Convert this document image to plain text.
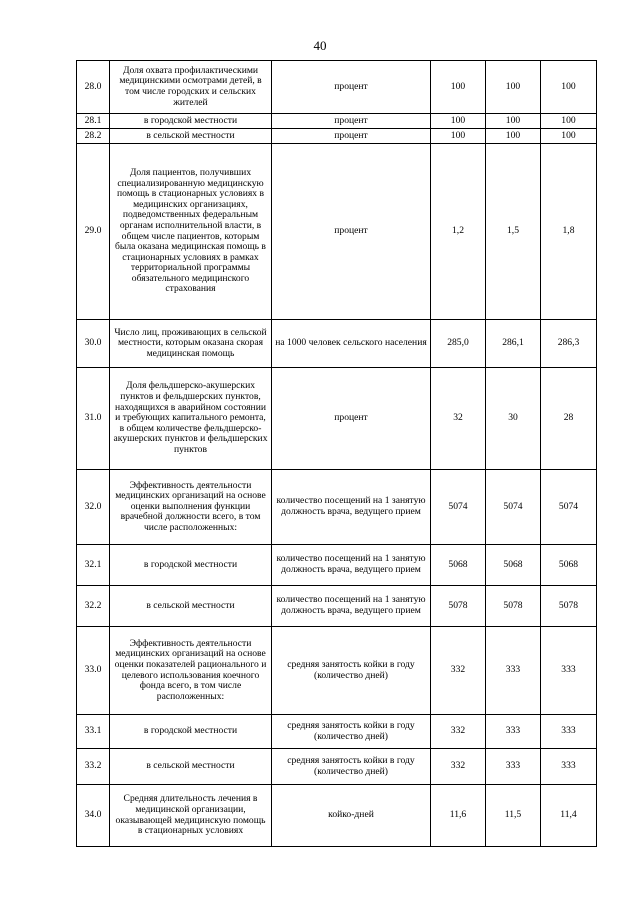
40
28.0	Доля охвата профилактическими медицинскими осмотрами детей, в том числе городских и сельских жителей	процент	100	100	100
28.1	в городской местности	процент	100	100	100
28.2	в сельской местности	процент	100	100	100
29.0	Доля пациентов, получивших специализированную медицинскую помощь в стационарных условиях в медицинских организациях, подведомственных федеральным органам исполнительной власти, в общем числе пациентов, которым была оказана медицинская помощь в стационарных условиях в рамках территориальной программы обязательного медицинского страхования	процент	1,2	1,5	1,8
30.0	Число лиц, проживающих в сельской местности, которым оказана скорая медицинская помощь	на 1000 человек сельского населения	285,0	286,1	286,3
31.0	Доля фельдшерско-акушерских пунктов и фельдшерских пунктов, находящихся в аварийном состоянии и требующих капитального ремонта, в общем количестве фельдшерско-акушерских пунктов и фельдшерских пунктов	процент	32	30	28
32.0	Эффективность деятельности медицинских организаций на основе оценки выполнения функции врачебной должности всего, в том числе расположенных:	количество посещений на 1 занятую должность врача, ведущего прием	5074	5074	5074
32.1	в городской местности	количество посещений на 1 занятую должность врача, ведущего прием	5068	5068	5068
32.2	в сельской местности	количество посещений на 1 занятую должность врача, ведущего прием	5078	5078	5078
33.0	Эффективность деятельности медицинских организаций на основе оценки показателей рационального и целевого использования коечного фонда всего, в том числе расположенных:	средняя занятость койки в году (количество дней)	332	333	333
33.1	в городской местности	средняя занятость койки в году (количество дней)	332	333	333
33.2	в сельской местности	средняя занятость койки в году (количество дней)	332	333	333
34.0	Средняя длительность лечения в медицинской организации, оказывающей медицинскую помощь в стационарных условиях	койко-дней	11,6	11,5	11,4
